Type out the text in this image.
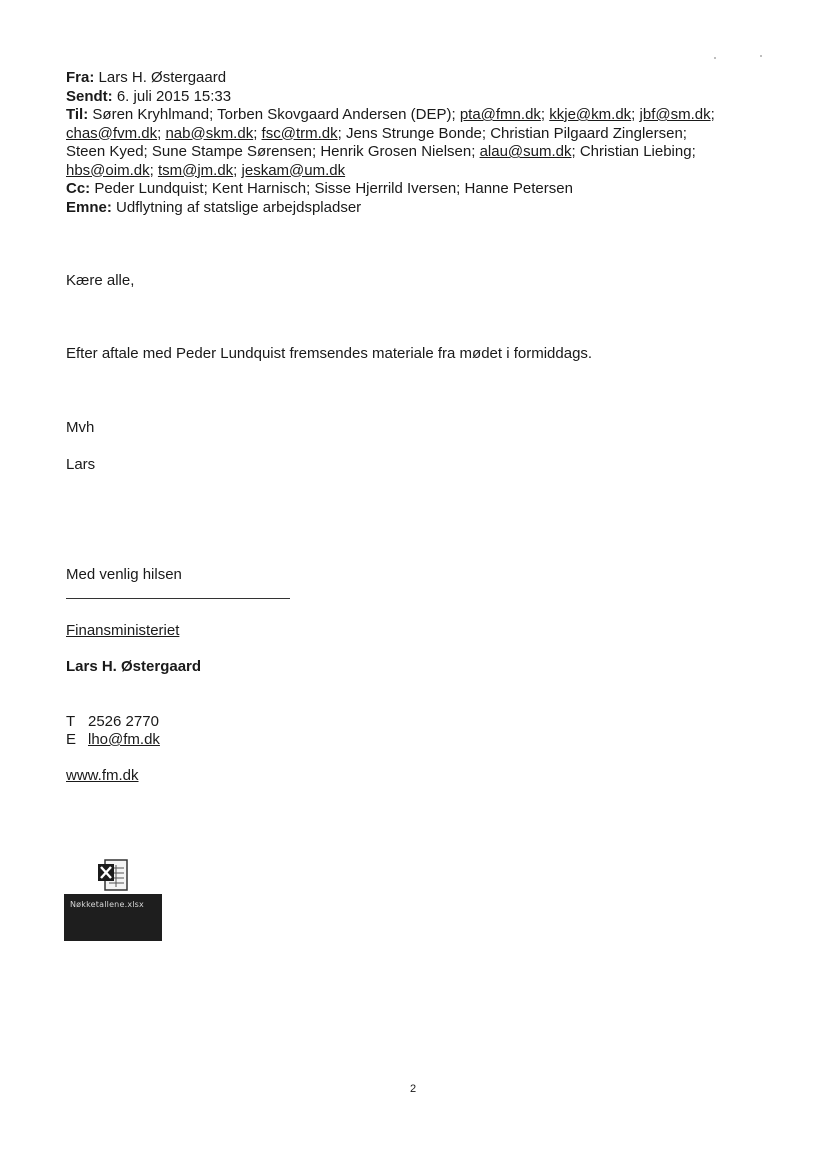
Fra: Lars H. Østergaard
Sendt: 6. juli 2015 15:33
Til: Søren Kryhlmand; Torben Skovgaard Andersen (DEP); pta@fmn.dk; kkje@km.dk; jbf@sm.dk;
chas@fvm.dk; nab@skm.dk; fsc@trm.dk; Jens Strunge Bonde; Christian Pilgaard Zinglersen;
Steen Kyed; Sune Stampe Sørensen; Henrik Grosen Nielsen; alau@sum.dk; Christian Liebing;
hbs@oim.dk; tsm@jm.dk; jeskam@um.dk
Cc: Peder Lundquist; Kent Harnisch; Sisse Hjerrild Iversen; Hanne Petersen
Emne: Udflytning af statslige arbejdspladser
Kære alle,
Efter aftale med Peder Lundquist fremsendes materiale fra mødet i formiddags.
Mvh
Lars
Med venlig hilsen
Finansministeriet
Lars H. Østergaard
T 2526 2770
E lho@fm.dk
www.fm.dk
Nøkketallene.xlsx
2
